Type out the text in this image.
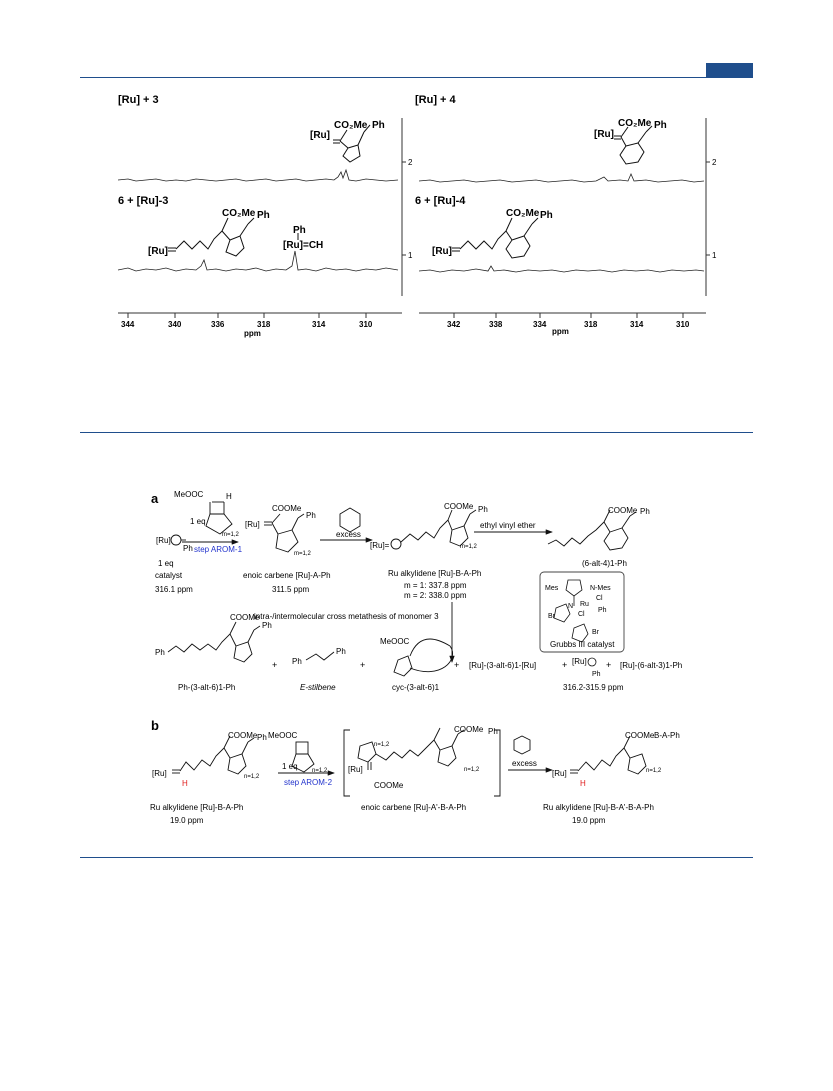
[Ru] + 3	[Ru] + 4
6 + [Ru]-3	6 + [Ru]-4
2
1
2
1
[Ru]
CO₂Me Ph
[Ru]
CO₂Me Ph
[Ru]
CO₂Me Ph
Ph
[Ru]=CH
[Ru]
CO₂Me Ph
344	340	336	318	314	310	342	338	334	318	314	310
ppm	ppm
a MeOOC	H
m=1,2
[Ru]
Ph
1 eq
step AROM-1
1 eq
catalyst
316.1 ppm
[Ru]
COOMe
Ph
m=1,2
enoic carbene [Ru]-A-Ph
311.5 ppm
excess
[Ru]=
COOMe Ph
m=1,2
Ru alkylidene [Ru]-B-A-Ph
m = 1: 337.8 ppm
m = 2: 338.0 ppm
ethyl vinyl ether
COOMe Ph
(6-alt-4)1-Ph
Mes	N-Mes
N Ru
Cl
Cl
Ph
Br
Br
Grubbs III catalyst
intra-/intermolecular cross metathesis of monomer 3
Ph
COOMe
Ph
Ph-(3-alt-6)1-Ph
+ Ph
Ph
E-stilbene
+
MeOOC
cyc-(3-alt-6)1
+ [Ru]-(3-alt-6)1-[Ru]	+ [Ru]
Ph
+ [Ru]-(6-alt-3)1-Ph
316.2-315.9 ppm
b
[Ru]
H
COOMe Ph
n=1,2
Ru alkylidene [Ru]-B-A-Ph
19.0 ppm
MeOOC
n=1,2
1 eq
step AROM-2
n=1,2
[Ru]
COOMe
COOMe Ph
n=1,2
enoic carbene [Ru]-A'-B-A-Ph
excess
[Ru]
H
COOMe B-A-Ph
n=1,2
Ru alkylidene [Ru]-B-A'-B-A-Ph
19.0 ppm
